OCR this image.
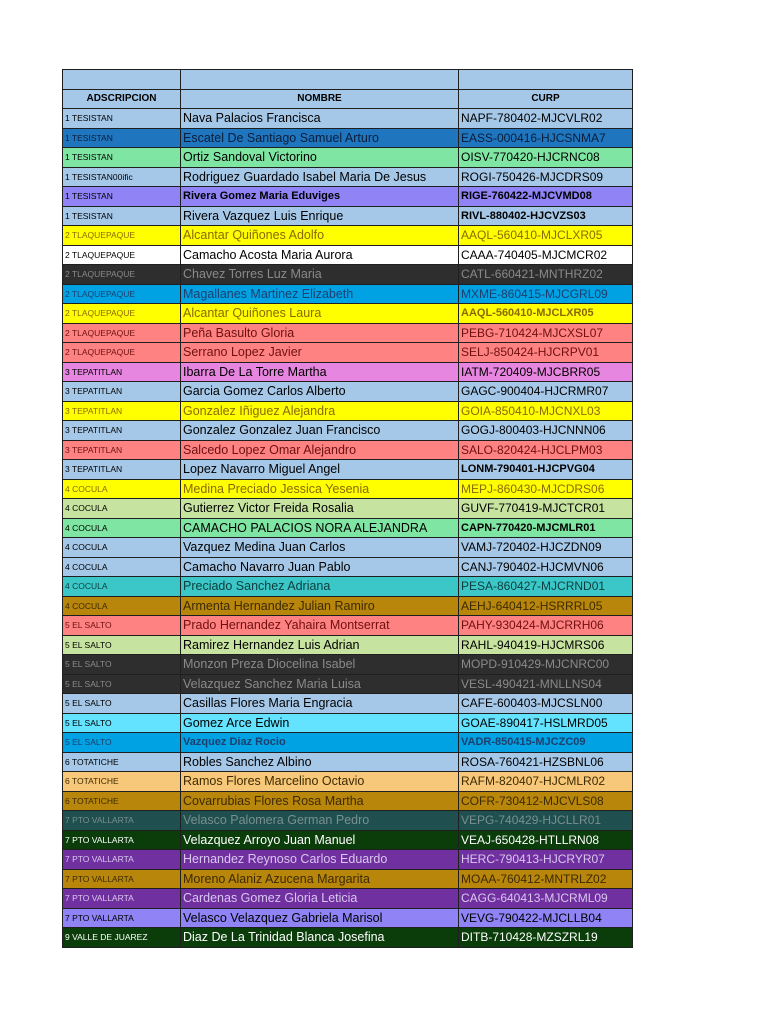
ADSCRIPCION	NOMBRE	CURP
1 TESISTAN	Nava Palacios Francisca	NAPF-780402-MJCVLR02
1 TESISTAN	Escatel De Santiago Samuel Arturo	EASS-000416-HJCSNMA7
1 TESISTAN	Ortiz Sandoval Victorino	OISV-770420-HJCRNC08
1 TESISTAN00ific	Rodriguez Guardado Isabel Maria De Jesus	ROGI-750426-MJCDRS09
1 TESISTAN	Rivera Gomez Maria Eduviges	RIGE-760422-MJCVMD08
1 TESISTAN	Rivera Vazquez Luis Enrique	RIVL-880402-HJCVZS03
2 TLAQUEPAQUE	Alcantar Quiñones Adolfo	AAQL-560410-MJCLXR05
2 TLAQUEPAQUE	Camacho Acosta Maria Aurora	CAAA-740405-MJCMCR02
2 TLAQUEPAQUE	Chavez Torres Luz Maria	CATL-660421-MNTHRZ02
2 TLAQUEPAQUE	Magallanes Martinez Elizabeth	MXME-860415-MJCGRL09
2 TLAQUEPAQUE	Alcantar Quiñones Laura	AAQL-560410-MJCLXR05
2 TLAQUEPAQUE	Peña Basulto Gloria	PEBG-710424-MJCXSL07
2 TLAQUEPAQUE	Serrano Lopez Javier	SELJ-850424-HJCRPV01
3 TEPATITLAN	Ibarra De La Torre Martha	IATM-720409-MJCBRR05
3 TEPATITLAN	Garcia Gomez Carlos Alberto	GAGC-900404-HJCRMR07
3 TEPATITLAN	Gonzalez Iñiguez Alejandra	GOIA-850410-MJCNXL03
3 TEPATITLAN	Gonzalez Gonzalez Juan Francisco	GOGJ-800403-HJCNNN06
3 TEPATITLAN	Salcedo Lopez Omar Alejandro	SALO-820424-HJCLPM03
3 TEPATITLAN	Lopez Navarro Miguel Angel	LONM-790401-HJCPVG04
4 COCULA	Medina Preciado Jessica Yesenia	MEPJ-860430-MJCDRS06
4 COCULA	Gutierrez Victor Freida Rosalia	GUVF-770419-MJCTCR01
4 COCULA	CAMACHO PALACIOS NORA ALEJANDRA	CAPN-770420-MJCMLR01
4 COCULA	Vazquez Medina Juan Carlos	VAMJ-720402-HJCZDN09
4 COCULA	Camacho Navarro Juan Pablo	CANJ-790402-HJCMVN06
4 COCULA	Preciado Sanchez Adriana	PESA-860427-MJCRND01
4 COCULA	Armenta Hernandez Julian Ramiro	AEHJ-640412-HSRRRL05
5 EL SALTO	Prado Hernandez Yahaira Montserrat	PAHY-930424-MJCRRH06
5 EL SALTO	Ramirez Hernandez Luis Adrian	RAHL-940419-HJCMRS06
5 EL SALTO	Monzon Preza Diocelina Isabel	MOPD-910429-MJCNRC00
5 EL SALTO	Velazquez Sanchez Maria Luisa	VESL-490421-MNLLNS04
5 EL SALTO	Casillas Flores Maria Engracia	CAFE-600403-MJCSLN00
5 EL SALTO	Gomez Arce Edwin	GOAE-890417-HSLMRD05
5 EL SALTO	Vazquez Diaz Rocio	VADR-850415-MJCZC09
6 TOTATICHE	Robles Sanchez Albino	ROSA-760421-HZSBNL06
6 TOTATICHE	Ramos Flores Marcelino Octavio	RAFM-820407-HJCMLR02
6 TOTATICHE	Covarrubias Flores Rosa Martha	COFR-730412-MJCVLS08
7 PTO VALLARTA	Velasco Palomera German Pedro	VEPG-740429-HJCLLR01
7 PTO VALLARTA	Velazquez Arroyo Juan Manuel	VEAJ-650428-HTLLRN08
7 PTO VALLARTA	Hernandez Reynoso Carlos Eduardo	HERC-790413-HJCRYR07
7 PTO VALLARTA	Moreno Alaniz Azucena Margarita	MOAA-760412-MNTRLZ02
7 PTO VALLARTA	Cardenas Gomez Gloria Leticia	CAGG-640413-MJCRML09
7 PTO VALLARTA	Velasco Velazquez Gabriela Marisol	VEVG-790422-MJCLLB04
9 VALLE DE JUAREZ	Diaz De La Trinidad Blanca Josefina	DITB-710428-MZSZRL19
